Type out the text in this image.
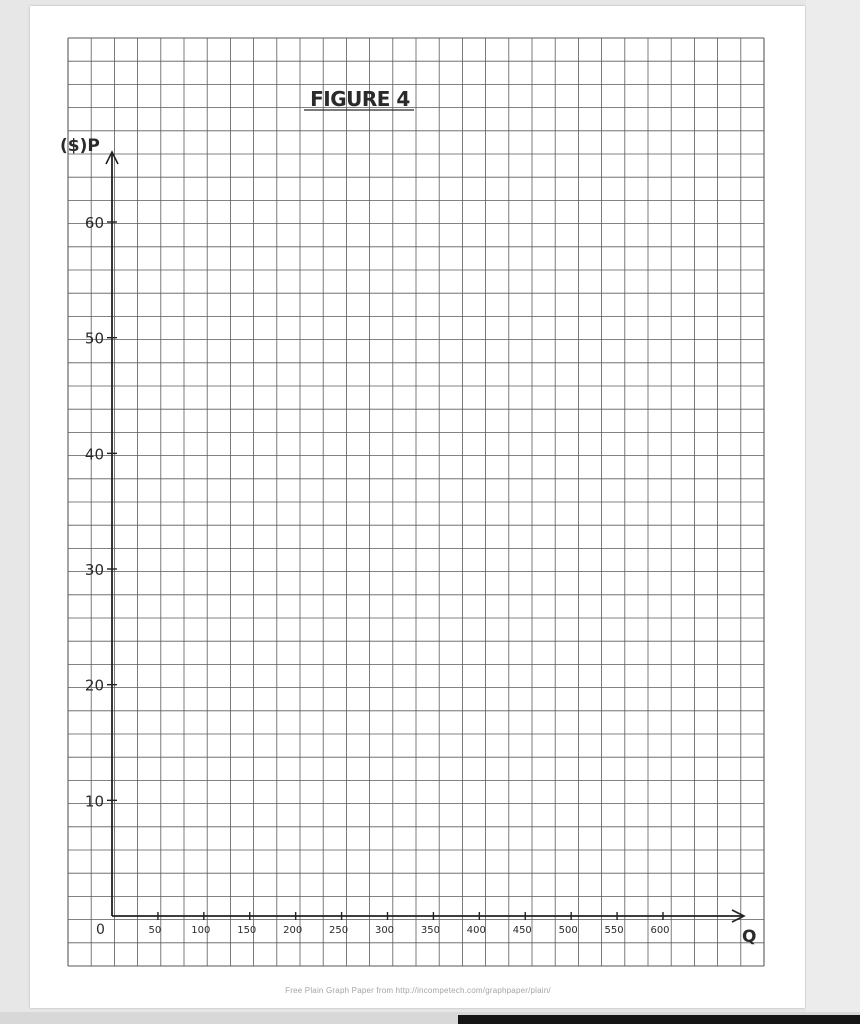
50	100	150	200	250	300	350	400	450	500	550	600
10
20
30
40
50
60
FIGURE 4
($)P
Q
0
Free Plain Graph Paper from http://incompetech.com/graphpaper/plain/
